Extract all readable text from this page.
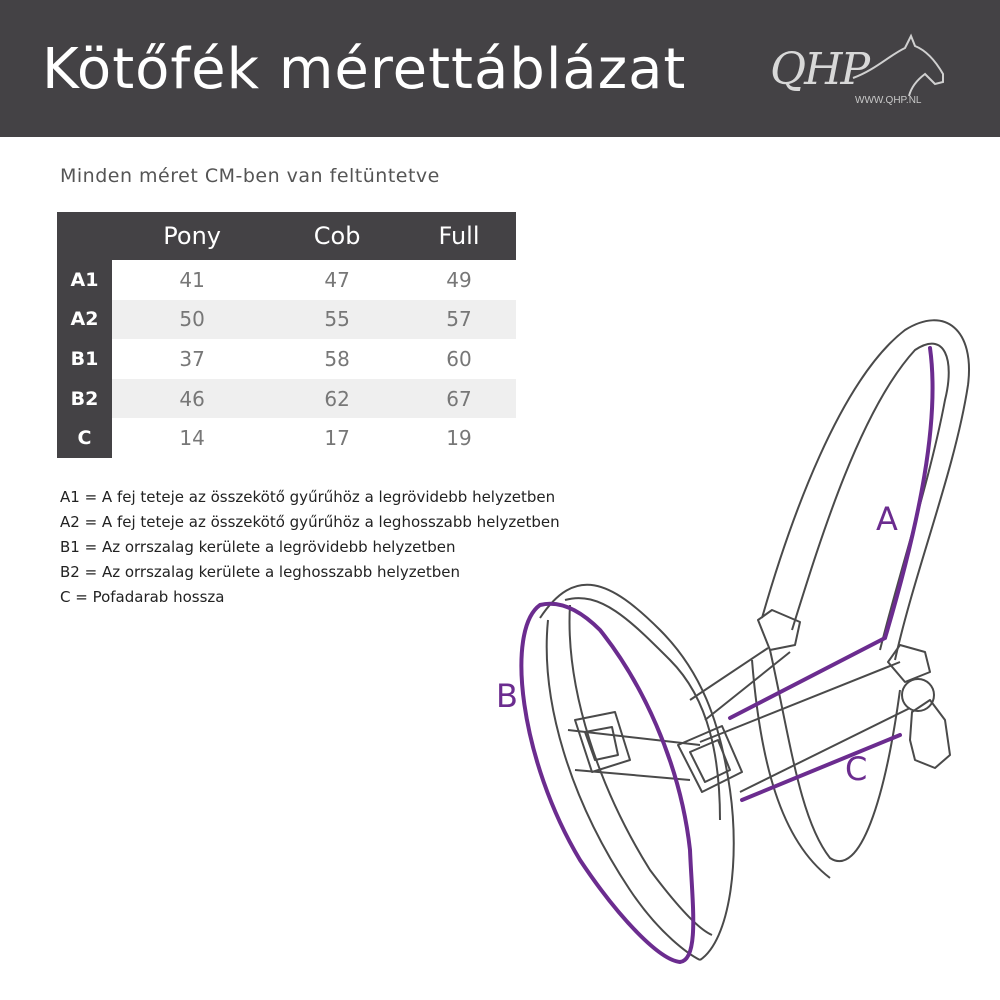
Kötőfék mérettáblázat QHP
WWW.QHP.NL
Minden méret CM-ben van feltüntetve
	Pony	Cob	Full
A1	41	47	49
A2	50	55	57
B1	37	58	60
B2	46	62	67
C	14	17	19
A1 = A fej teteje az összekötő gyűrűhöz a legrövidebb helyzetben
A2 = A fej teteje az összekötő gyűrűhöz a leghosszabb helyzetben
B1 = Az orrszalag kerülete a legrövidebb helyzetben
B2 = Az orrszalag kerülete a leghosszabb helyzetben
C = Pofadarab hossza
A
B
C
